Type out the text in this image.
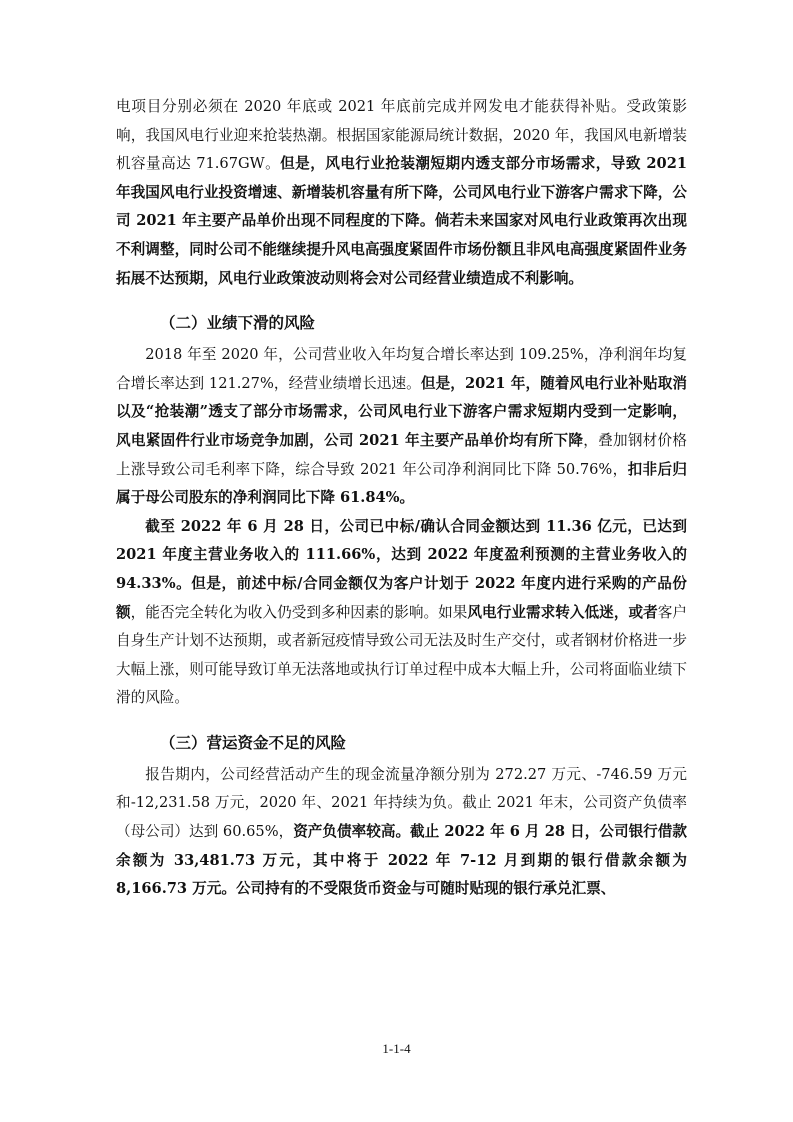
电项目分别必须在 2020 年底或 2021 年底前完成并网发电才能获得补贴。受政策影响，我国风电行业迎来抢装热潮。根据国家能源局统计数据，2020 年，我国风电新增装机容量高达 71.67GW。但是，风电行业抢装潮短期内透支部分市场需求，导致 2021 年我国风电行业投资增速、新增装机容量有所下降，公司风电行业下游客户需求下降，公司 2021 年主要产品单价出现不同程度的下降。倘若未来国家对风电行业政策再次出现不利调整，同时公司不能继续提升风电高强度紧固件市场份额且非风电高强度紧固件业务拓展不达预期，风电行业政策波动则将会对公司经营业绩造成不利影响。

（二）业绩下滑的风险

2018 年至 2020 年，公司营业收入年均复合增长率达到 109.25%，净利润年均复合增长率达到 121.27%，经营业绩增长迅速。但是，2021 年，随着风电行业补贴取消以及“抢装潮”透支了部分市场需求，公司风电行业下游客户需求短期内受到一定影响，风电紧固件行业市场竞争加剧，公司 2021 年主要产品单价均有所下降，叠加钢材价格上涨导致公司毛利率下降，综合导致 2021 年公司净利润同比下降 50.76%，扣非后归属于母公司股东的净利润同比下降 61.84%。

截至 2022 年 6 月 28 日，公司已中标/确认合同金额达到 11.36 亿元，已达到 2021 年度主营业务收入的 111.66%，达到 2022 年度盈利预测的主营业务收入的 94.33%。但是，前述中标/合同金额仅为客户计划于 2022 年度内进行采购的产品份额，能否完全转化为收入仍受到多种因素的影响。如果风电行业需求转入低迷，或者客户自身生产计划不达预期，或者新冠疫情导致公司无法及时生产交付，或者钢材价格进一步大幅上涨，则可能导致订单无法落地或执行订单过程中成本大幅上升，公司将面临业绩下滑的风险。

（三）营运资金不足的风险

报告期内，公司经营活动产生的现金流量净额分别为 272.27 万元、-746.59 万元和-12,231.58 万元，2020 年、2021 年持续为负。截止 2021 年末，公司资产负债率（母公司）达到 60.65%，资产负债率较高。截止 2022 年 6 月 28 日，公司银行借款余额为 33,481.73 万元，其中将于 2022 年 7-12 月到期的银行借款余额为 8,166.73 万元。公司持有的不受限货币资金与可随时贴现的银行承兑汇票、

1-1-4
